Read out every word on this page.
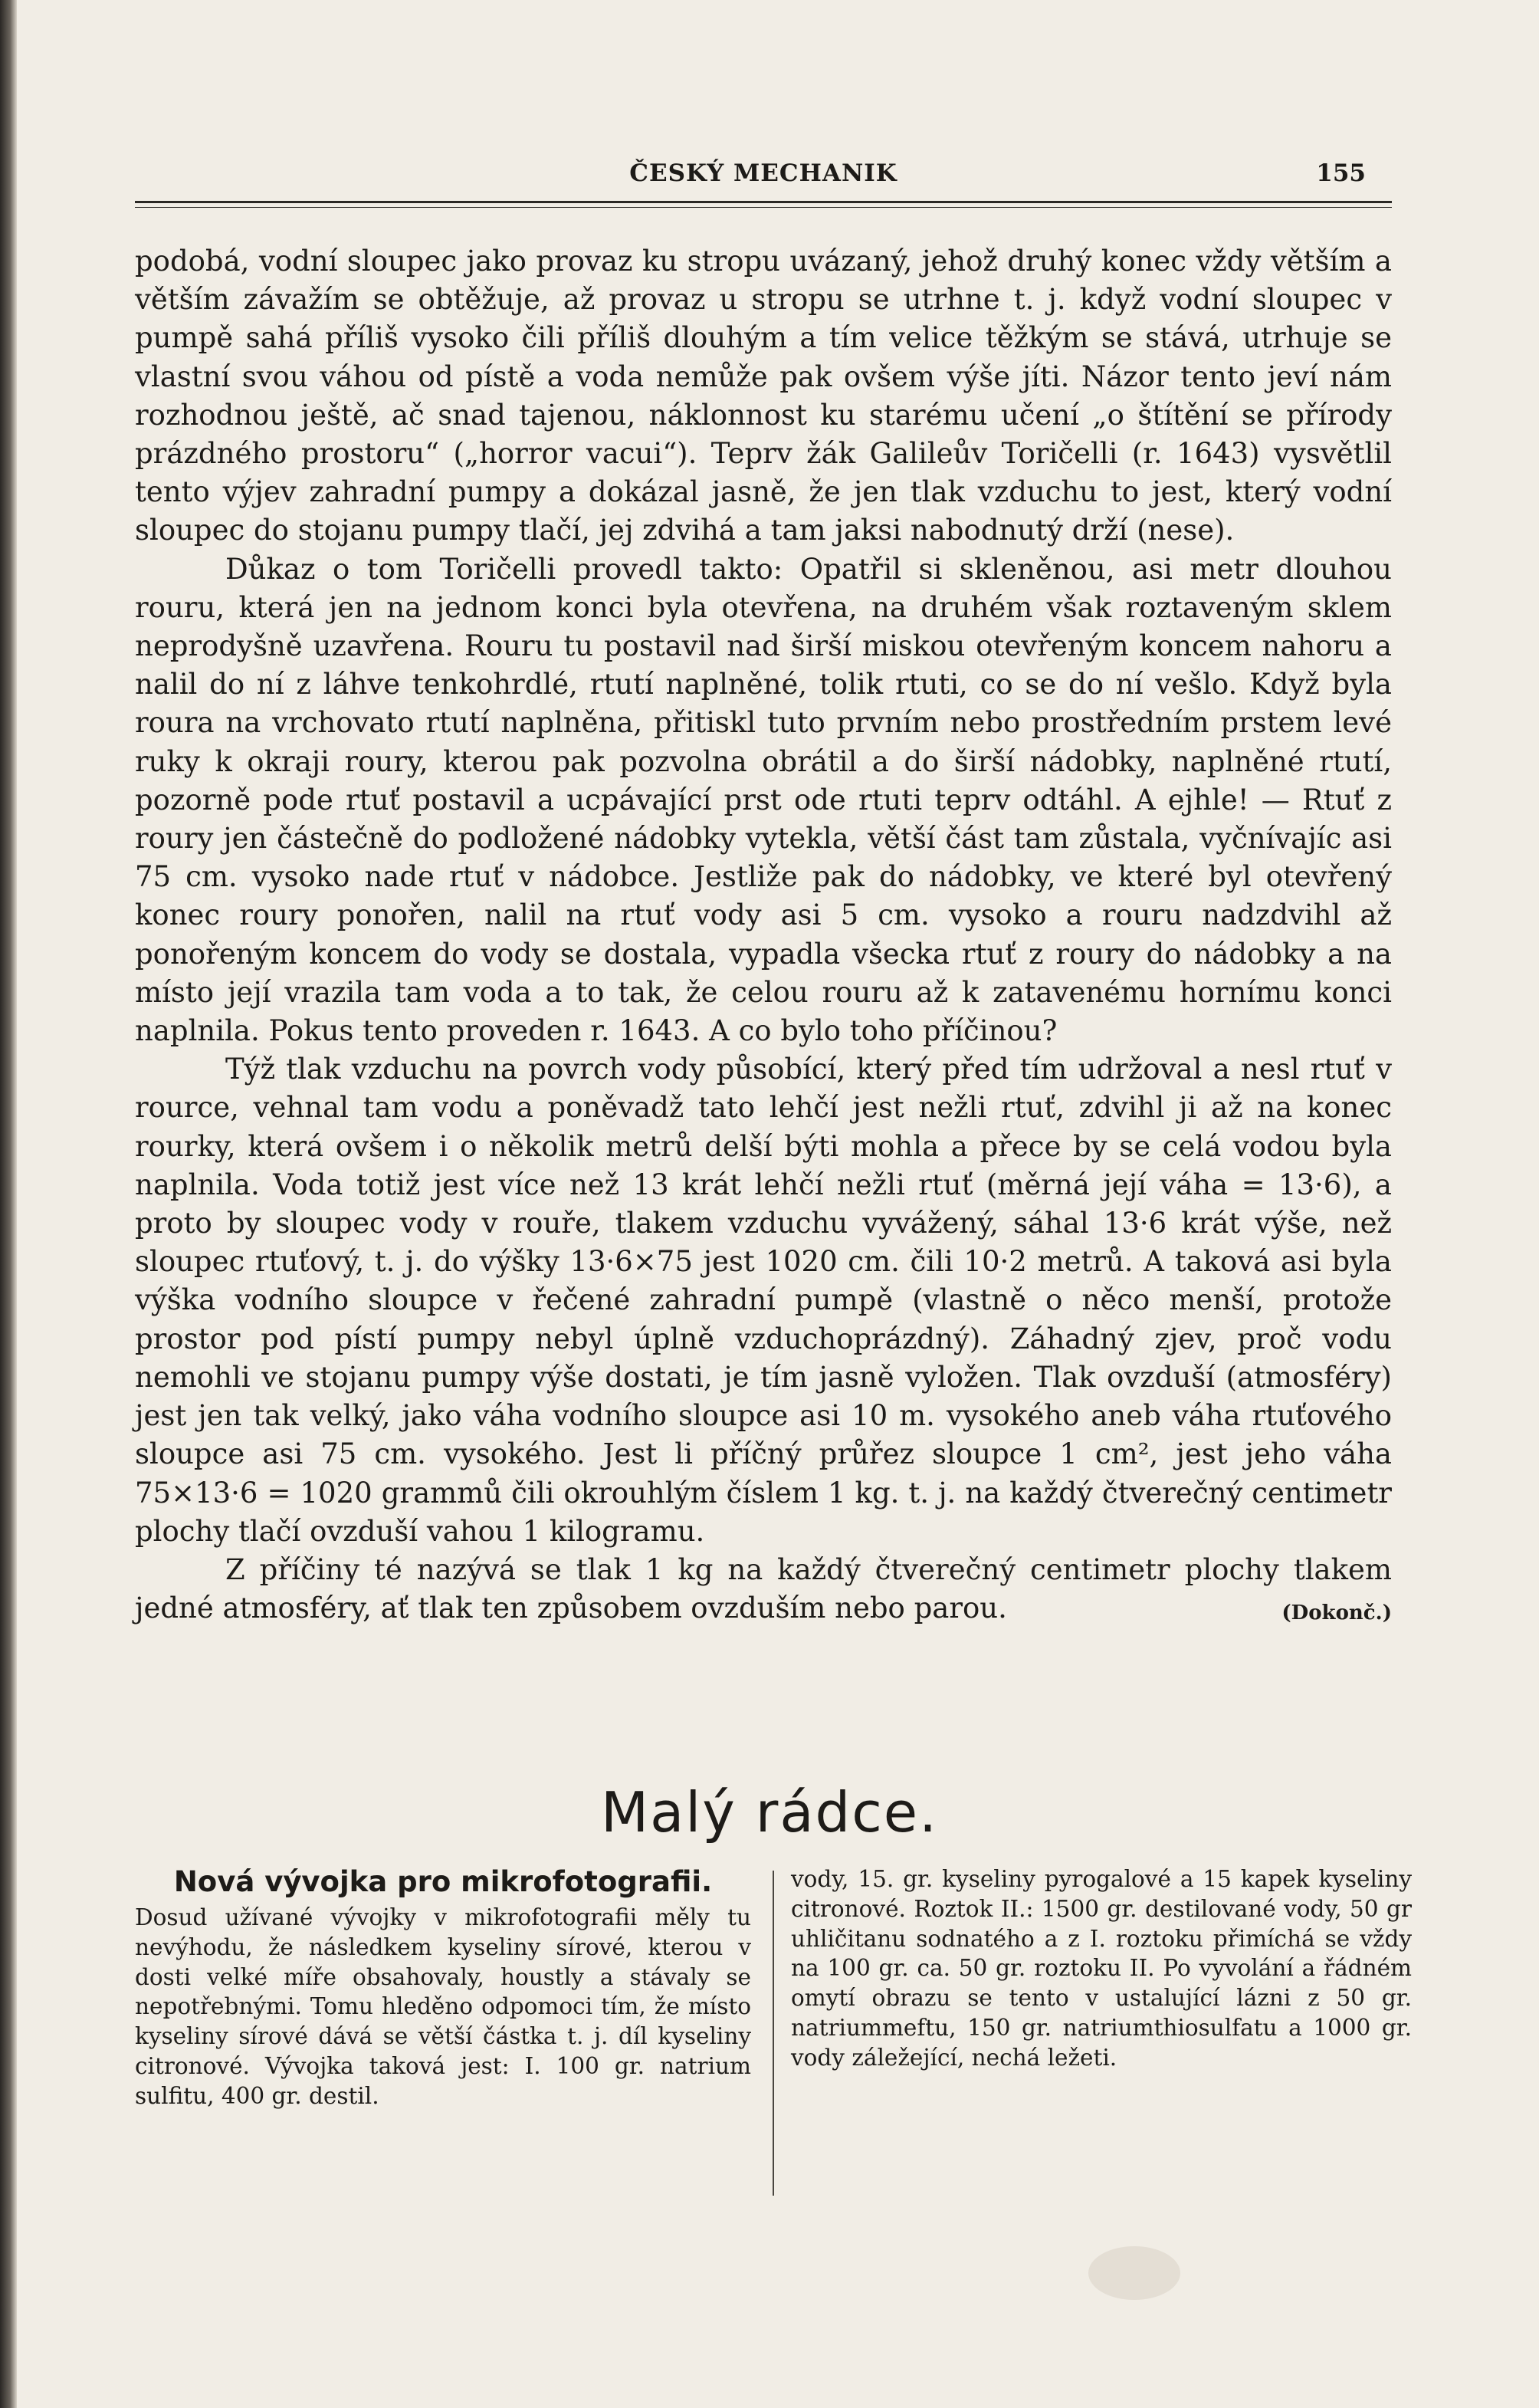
ČESKÝ MECHANIK	155

podobá, vodní sloupec jako provaz ku stropu uvázaný, jehož druhý konec vždy větším a větším závažím se obtěžuje, až provaz u stropu se utrhne t. j. když vodní sloupec v pumpě sahá příliš vysoko čili příliš dlouhým a tím velice těžkým se stává, utrhuje se vlastní svou váhou od pístě a voda nemůže pak ovšem výše jíti. Názor tento jeví nám rozhodnou ještě, ač snad tajenou, náklonnost ku starému učení „o štítění se přírody prázdného prostoru“ („horror vacui“). Teprv žák Galileův Toričelli (r. 1643) vysvětlil tento výjev zahradní pumpy a dokázal jasně, že jen tlak vzduchu to jest, který vodní sloupec do stojanu pumpy tlačí, jej zdvihá a tam jaksi nabodnutý drží (nese).

Důkaz o tom Toričelli provedl takto: Opatřil si skleněnou, asi metr dlouhou rouru, která jen na jednom konci byla otevřena, na druhém však roztaveným sklem neprodyšně uzavřena. Rouru tu postavil nad širší miskou otevřeným koncem nahoru a nalil do ní z láhve tenkohrdlé, rtutí naplněné, tolik rtuti, co se do ní vešlo. Když byla roura na vrchovato rtutí naplněna, přitiskl tuto prvním nebo prostředním prstem levé ruky k okraji roury, kterou pak pozvolna obrátil a do širší nádobky, naplněné rtutí, pozorně pode rtuť postavil a ucpávající prst ode rtuti teprv odtáhl. A ejhle! — Rtuť z roury jen částečně do podložené nádobky vytekla, větší část tam zůstala, vyčnívajíc asi 75 cm. vysoko nade rtuť v nádobce. Jestliže pak do nádobky, ve které byl otevřený konec roury ponořen, nalil na rtuť vody asi 5 cm. vysoko a rouru nadzdvihl až ponořeným koncem do vody se dostala, vypadla všecka rtuť z roury do nádobky a na místo její vrazila tam voda a to tak, že celou rouru až k zatavenému hornímu konci naplnila. Pokus tento proveden r. 1643. A co bylo toho příčinou?

Týž tlak vzduchu na povrch vody působící, který před tím udržoval a nesl rtuť v rource, vehnal tam vodu a poněvadž tato lehčí jest nežli rtuť, zdvihl ji až na konec rourky, která ovšem i o několik metrů delší býti mohla a přece by se celá vodou byla naplnila. Voda totiž jest více než 13 krát lehčí nežli rtuť (měrná její váha = 13·6), a proto by sloupec vody v rouře, tlakem vzduchu vyvážený, sáhal 13·6 krát výše, než sloupec rtuťový, t. j. do výšky 13·6×75 jest 1020 cm. čili 10·2 metrů. A taková asi byla výška vodního sloupce v řečené zahradní pumpě (vlastně o něco menší, protože prostor pod pístí pumpy nebyl úplně vzduchoprázdný). Záhadný zjev, proč vodu nemohli ve stojanu pumpy výše dostati, je tím jasně vyložen. Tlak ovzduší (atmosféry) jest jen tak velký, jako váha vodního sloupce asi 10 m. vysokého aneb váha rtuťového sloupce asi 75 cm. vysokého. Jest li příčný průřez sloupce 1 cm², jest jeho váha 75×13·6 = 1020 grammů čili okrouhlým číslem 1 kg. t. j. na každý čtverečný centimetr plochy tlačí ovzduší vahou 1 kilogramu.

Z příčiny té nazývá se tlak 1 kg na každý čtverečný centimetr plochy tlakem jedné atmosféry, ať tlak ten způsobem ovzduším nebo parou.	(Dokonč.)

Malý rádce.

Nová vývojka pro mikrofotografii.

Dosud užívané vývojky v mikrofotografii měly tu nevýhodu, že následkem kyseliny sírové, kterou v dosti velké míře obsahovaly, houstly a stávaly se nepotřebnými. Tomu hleděno odpomoci tím, že místo kyseliny sírové dává se větší částka t. j. díl kyseliny citronové. Vývojka taková jest: I. 100 gr. natrium sulfitu, 400 gr. destil.

vody, 15. gr. kyseliny pyrogalové a 15 kapek kyseliny citronové. Roztok II.: 1500 gr. destilované vody, 50 gr uhličitanu sodnatého a z I. roztoku přimíchá se vždy na 100 gr. ca. 50 gr. roztoku II. Po vyvolání a řádném omytí obrazu se tento v ustalující lázni z 50 gr. natriummeftu, 150 gr. natriumthiosulfatu a 1000 gr. vody záležející, nechá ležeti.
